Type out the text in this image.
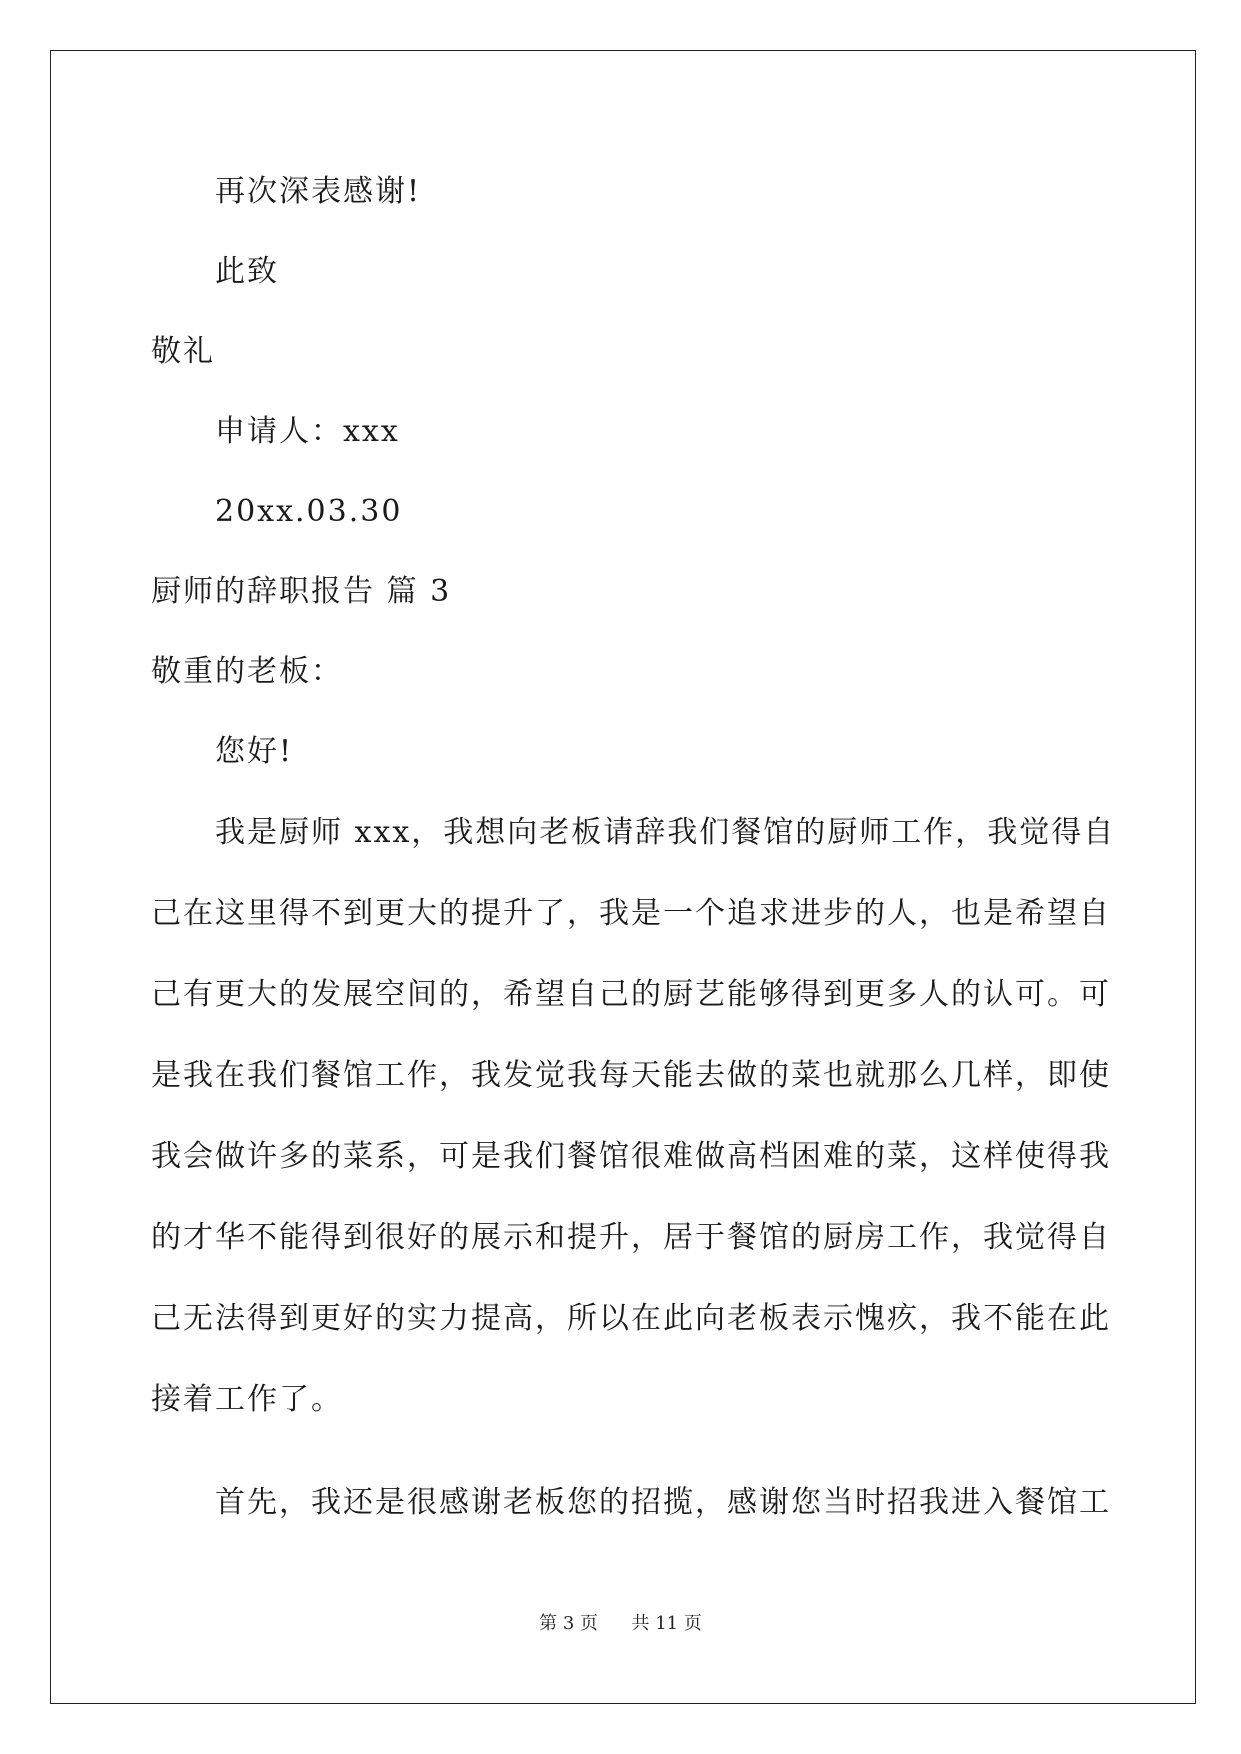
再次深表感谢!
此致
敬礼
申请人：xxx
20xx.03.30
厨师的辞职报告 篇 3
敬重的老板：
您好!
我是厨师 xxx，我想向老板请辞我们餐馆的厨师工作，我觉得自
己在这里得不到更大的提升了，我是一个追求进步的人，也是希望自
己有更大的发展空间的，希望自己的厨艺能够得到更多人的认可。可
是我在我们餐馆工作，我发觉我每天能去做的菜也就那么几样，即使
我会做许多的菜系，可是我们餐馆很难做高档困难的菜，这样使得我
的才华不能得到很好的展示和提升，居于餐馆的厨房工作，我觉得自
己无法得到更好的实力提高，所以在此向老板表示愧疚，我不能在此
接着工作了。
首先，我还是很感谢老板您的招揽，感谢您当时招我进入餐馆工
第 3 页 共 11 页
